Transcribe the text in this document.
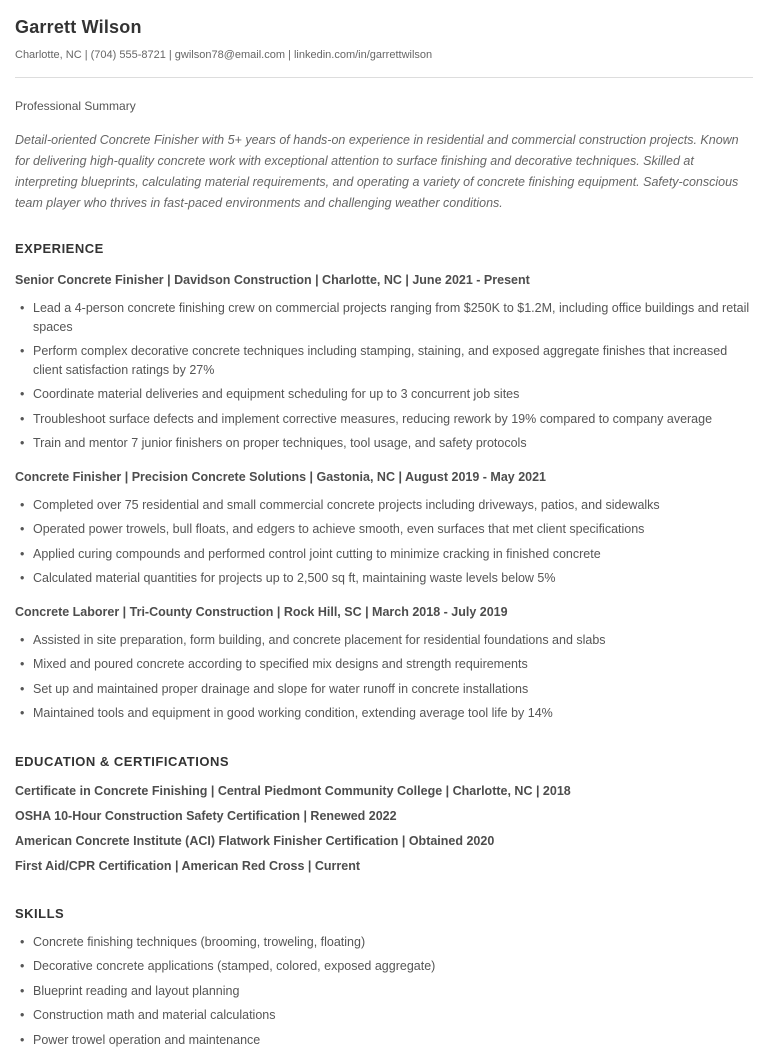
Garrett Wilson

Charlotte, NC | (704) 555-8721 | gwilson78@email.com | linkedin.com/in/garrettwilson

Professional Summary

Detail-oriented Concrete Finisher with 5+ years of hands-on experience in residential and commercial construction projects. Known for delivering high-quality concrete work with exceptional attention to surface finishing and decorative techniques. Skilled at interpreting blueprints, calculating material requirements, and operating a variety of concrete finishing equipment. Safety-conscious team player who thrives in fast-paced environments and challenging weather conditions.

EXPERIENCE
Senior Concrete Finisher | Davidson Construction | Charlotte, NC | June 2021 - Present
• Lead a 4-person concrete finishing crew on commercial projects ranging from $250K to $1.2M, including office buildings and retail spaces
• Perform complex decorative concrete techniques including stamping, staining, and exposed aggregate finishes that increased client satisfaction ratings by 27%
• Coordinate material deliveries and equipment scheduling for up to 3 concurrent job sites
• Troubleshoot surface defects and implement corrective measures, reducing rework by 19% compared to company average
• Train and mentor 7 junior finishers on proper techniques, tool usage, and safety protocols
Concrete Finisher | Precision Concrete Solutions | Gastonia, NC | August 2019 - May 2021
• Completed over 75 residential and small commercial concrete projects including driveways, patios, and sidewalks
• Operated power trowels, bull floats, and edgers to achieve smooth, even surfaces that met client specifications
• Applied curing compounds and performed control joint cutting to minimize cracking in finished concrete
• Calculated material quantities for projects up to 2,500 sq ft, maintaining waste levels below 5%
Concrete Laborer | Tri-County Construction | Rock Hill, SC | March 2018 - July 2019
• Assisted in site preparation, form building, and concrete placement for residential foundations and slabs
• Mixed and poured concrete according to specified mix designs and strength requirements
• Set up and maintained proper drainage and slope for water runoff in concrete installations
• Maintained tools and equipment in good working condition, extending average tool life by 14%
EDUCATION & CERTIFICATIONS

Certificate in Concrete Finishing | Central Piedmont Community College | Charlotte, NC | 2018

OSHA 10-Hour Construction Safety Certification | Renewed 2022

American Concrete Institute (ACI) Flatwork Finisher Certification | Obtained 2020

First Aid/CPR Certification | American Red Cross | Current

SKILLS
• Concrete finishing techniques (brooming, troweling, floating)
• Decorative concrete applications (stamped, colored, exposed aggregate)
• Blueprint reading and layout planning
• Construction math and material calculations
• Power trowel operation and maintenance
